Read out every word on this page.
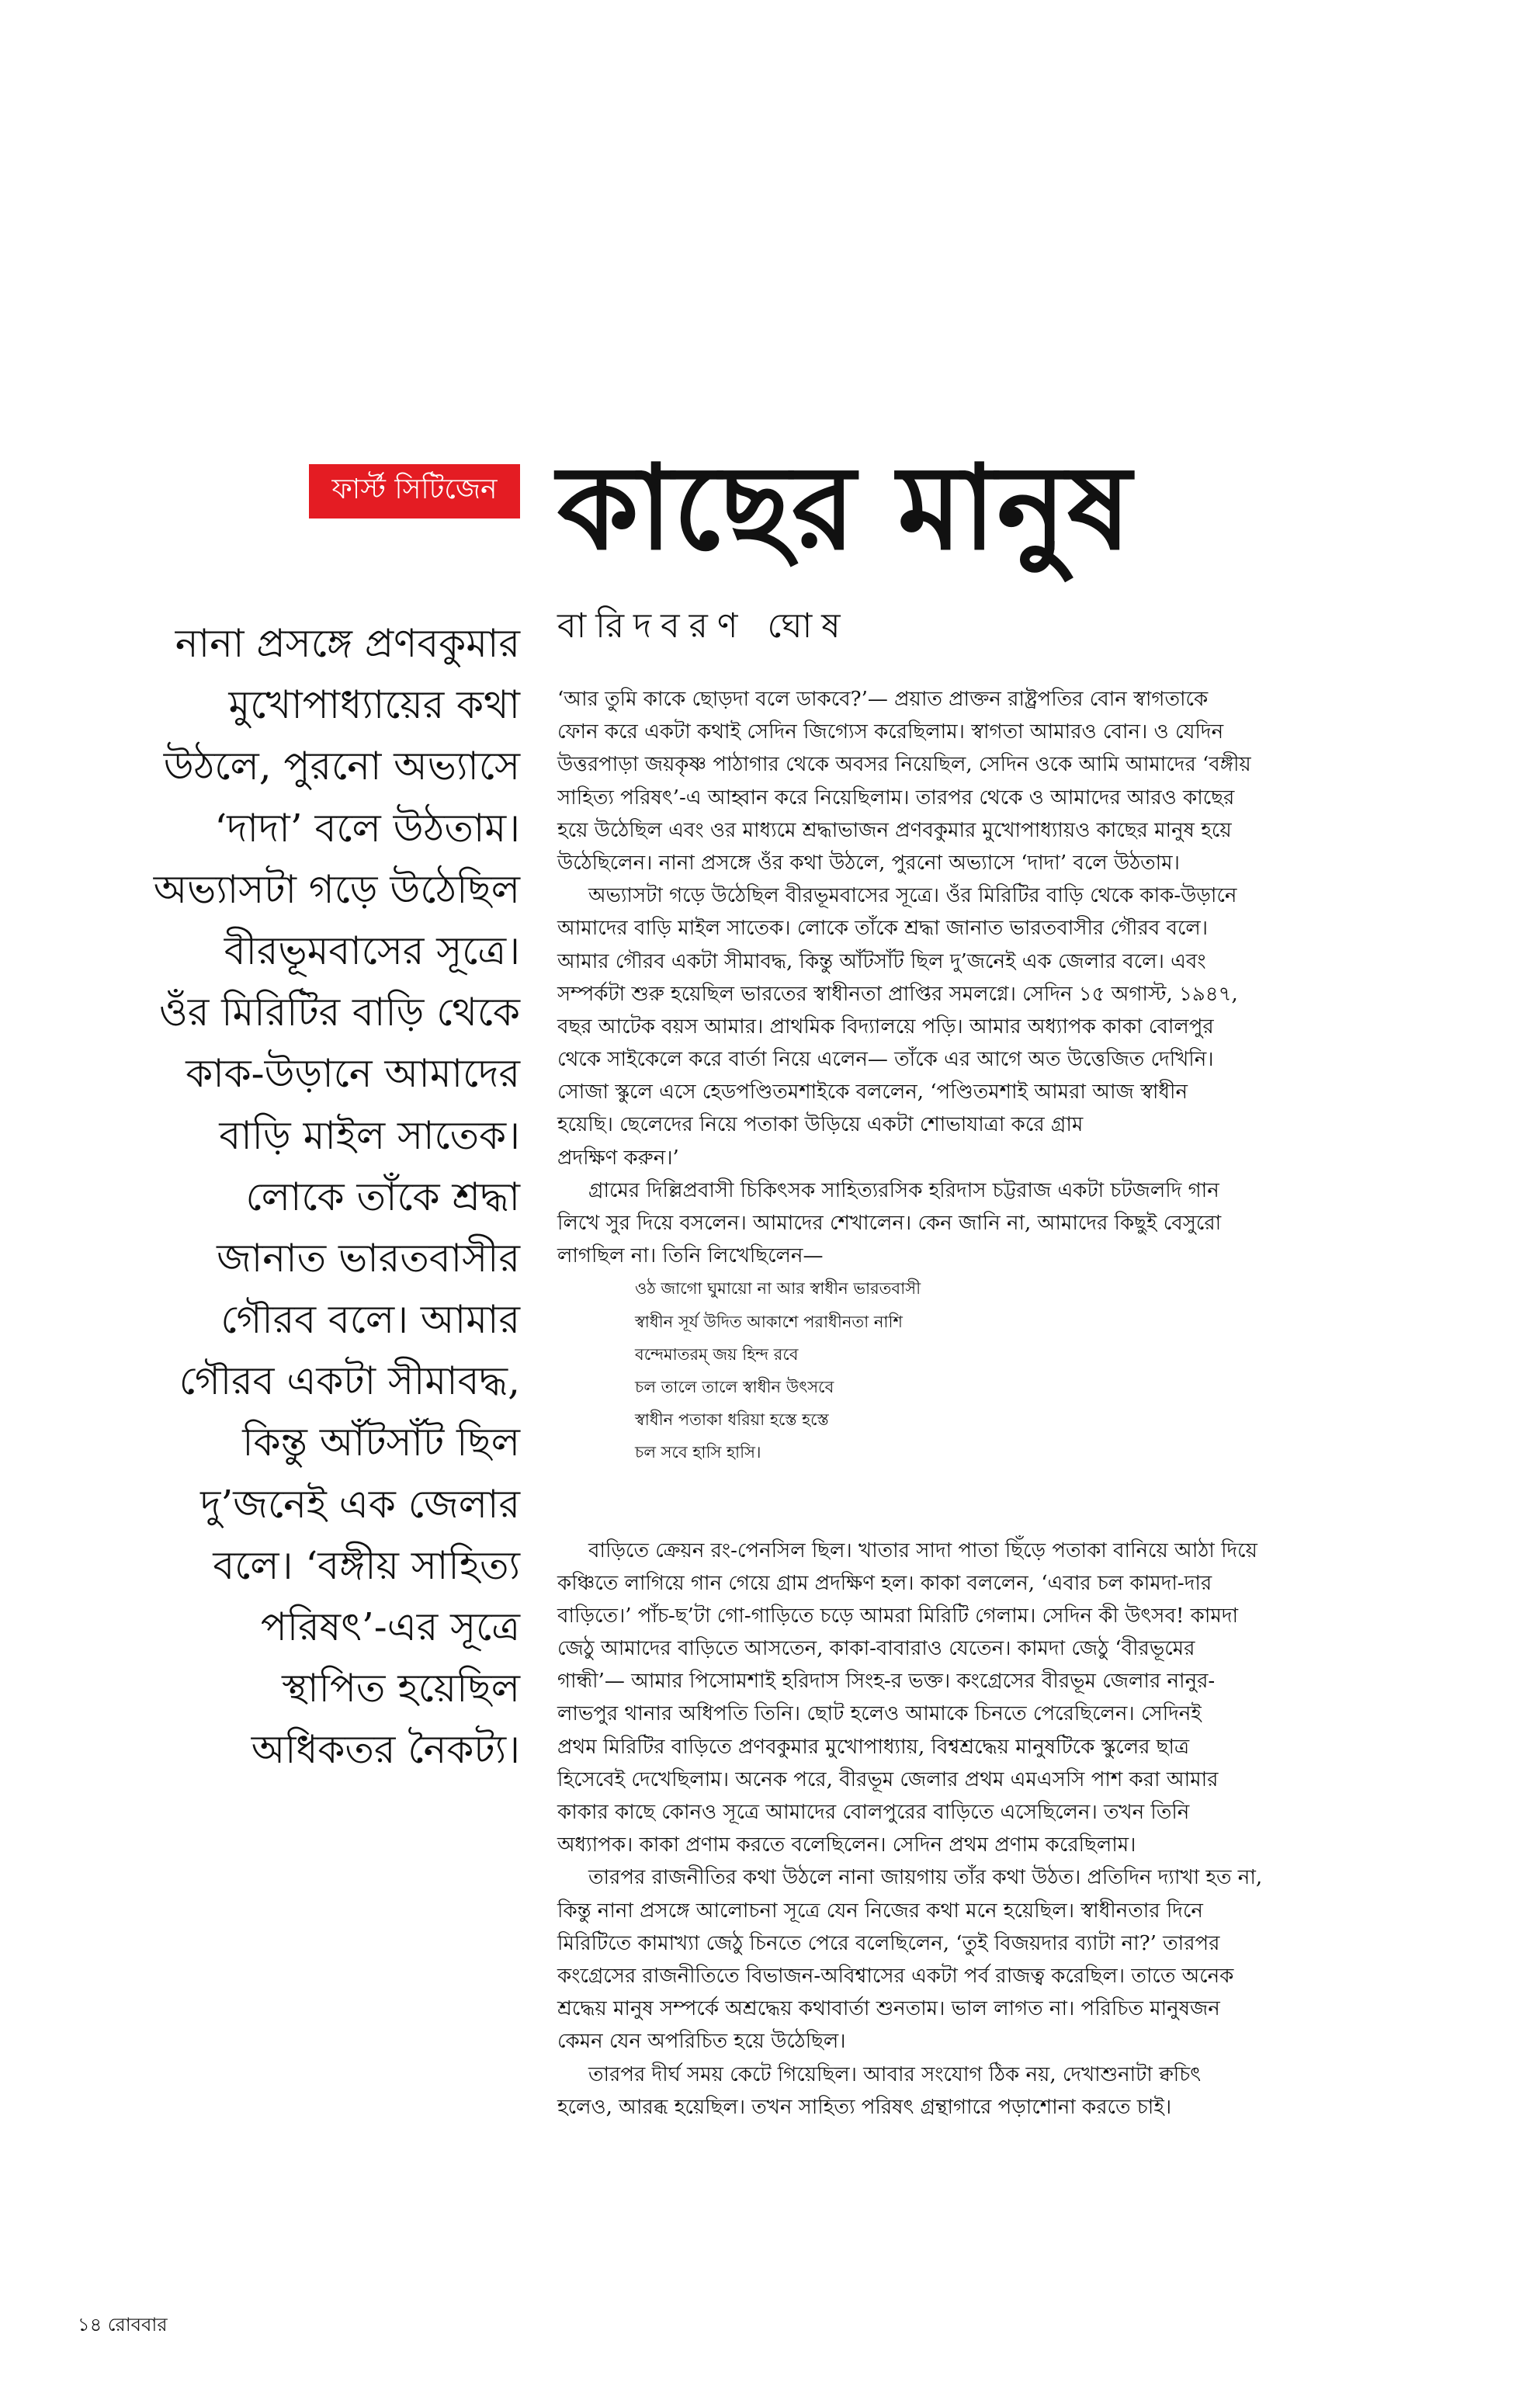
ফার্স্ট সিটিজেন কাছের মানুষ
বারিদবরণ ঘোষ
নানা প্রসঙ্গে প্রণবকুমার
মুখোপাধ্যায়ের কথা
উঠলে, পুরনো অভ্যাসে
‘দাদা’ বলে উঠতাম।
অভ্যাসটা গড়ে উঠেছিল
বীরভূমবাসের সূত্রে।
ওঁর মিরিটির বাড়ি থেকে
কাক-উড়ানে আমাদের
বাড়ি মাইল সাতেক।
লোকে তাঁকে শ্রদ্ধা
জানাত ভারতবাসীর
গৌরব বলে। আমার
গৌরব একটা সীমাবদ্ধ,
কিন্তু আঁটসাঁট ছিল
দু’জনেই এক জেলার
বলে। ‘বঙ্গীয় সাহিত্য
পরিষৎ’-এর সূত্রে
স্থাপিত হয়েছিল
অধিকতর নৈকট্য।
‘আর তুমি কাকে ছোড়দা বলে ডাকবে?’— প্রয়াত প্রাক্তন রাষ্ট্রপতির বোন স্বাগতাকে
ফোন করে একটা কথাই সেদিন জিগ্যেস করেছিলাম। স্বাগতা আমারও বোন। ও যেদিন
উত্তরপাড়া জয়কৃষ্ণ পাঠাগার থেকে অবসর নিয়েছিল, সেদিন ওকে আমি আমাদের ‘বঙ্গীয়
সাহিত্য পরিষৎ’-এ আহ্বান করে নিয়েছিলাম। তারপর থেকে ও আমাদের আরও কাছের
হয়ে উঠেছিল এবং ওর মাধ্যমে শ্রদ্ধাভাজন প্রণবকুমার মুখোপাধ্যায়ও কাছের মানুষ হয়ে
উঠেছিলেন। নানা প্রসঙ্গে ওঁর কথা উঠলে, পুরনো অভ্যাসে ‘দাদা’ বলে উঠতাম।
অভ্যাসটা গড়ে উঠেছিল বীরভূমবাসের সূত্রে। ওঁর মিরিটির বাড়ি থেকে কাক-উড়ানে
আমাদের বাড়ি মাইল সাতেক। লোকে তাঁকে শ্রদ্ধা জানাত ভারতবাসীর গৌরব বলে।
আমার গৌরব একটা সীমাবদ্ধ, কিন্তু আঁটসাঁট ছিল দু’জনেই এক জেলার বলে। এবং
সম্পর্কটা শুরু হয়েছিল ভারতের স্বাধীনতা প্রাপ্তির সমলগ্নে। সেদিন ১৫ অগাস্ট, ১৯৪৭,
বছর আটেক বয়স আমার। প্রাথমিক বিদ্যালয়ে পড়ি। আমার অধ্যাপক কাকা বোলপুর
থেকে সাইকেলে করে বার্তা নিয়ে এলেন— তাঁকে এর আগে অত উত্তেজিত দেখিনি।
সোজা স্কুলে এসে হেডপণ্ডিতমশাইকে বললেন, ‘পণ্ডিতমশাই আমরা আজ স্বাধীন
হয়েছি। ছেলেদের নিয়ে পতাকা উড়িয়ে একটা শোভাযাত্রা করে গ্রাম
প্রদক্ষিণ করুন।’
গ্রামের দিল্লিপ্রবাসী চিকিৎসক সাহিত্যরসিক হরিদাস চট্টরাজ একটা চটজলদি গান
লিখে সুর দিয়ে বসলেন। আমাদের শেখালেন। কেন জানি না, আমাদের কিছুই বেসুরো
লাগছিল না। তিনি লিখেছিলেন—
ওঠ জাগো ঘুমায়ো না আর স্বাধীন ভারতবাসী
স্বাধীন সূর্য উদিত আকাশে পরাধীনতা নাশি
বন্দেমাতরম্‌ জয় হিন্দ রবে
চল তালে তালে স্বাধীন উৎসবে
স্বাধীন পতাকা ধরিয়া হস্তে হস্তে
চল সবে হাসি হাসি।
বাড়িতে ক্রেয়ন রং-পেনসিল ছিল। খাতার সাদা পাতা ছিঁড়ে পতাকা বানিয়ে আঠা দিয়ে
কঞ্চিতে লাগিয়ে গান গেয়ে গ্রাম প্রদক্ষিণ হল। কাকা বললেন, ‘এবার চল কামদা-দার
বাড়িতে।’ পাঁচ-ছ’টা গো-গাড়িতে চড়ে আমরা মিরিটি গেলাম। সেদিন কী উৎসব! কামদা
জেঠু আমাদের বাড়িতে আসতেন, কাকা-বাবারাও যেতেন। কামদা জেঠু ‘বীরভূমের
গান্ধী’— আমার পিসোমশাই হরিদাস সিংহ-র ভক্ত। কংগ্রেসের বীরভূম জেলার নানুর-
লাভপুর থানার অধিপতি তিনি। ছোট হলেও আমাকে চিনতে পেরেছিলেন। সেদিনই
প্রথম মিরিটির বাড়িতে প্রণবকুমার মুখোপাধ্যায়, বিশ্বশ্রদ্ধেয় মানুষটিকে স্কুলের ছাত্র
হিসেবেই দেখেছিলাম। অনেক পরে, বীরভূম জেলার প্রথম এমএসসি পাশ করা আমার
কাকার কাছে কোনও সূত্রে আমাদের বোলপুরের বাড়িতে এসেছিলেন। তখন তিনি
অধ্যাপক। কাকা প্রণাম করতে বলেছিলেন। সেদিন প্রথম প্রণাম করেছিলাম।
তারপর রাজনীতির কথা উঠলে নানা জায়গায় তাঁর কথা উঠত। প্রতিদিন দ্যাখা হত না,
কিন্তু নানা প্রসঙ্গে আলোচনা সূত্রে যেন নিজের কথা মনে হয়েছিল। স্বাধীনতার দিনে
মিরিটিতে কামাখ্যা জেঠু চিনতে পেরে বলেছিলেন, ‘তুই বিজয়দার ব্যাটা না?’ তারপর
কংগ্রেসের রাজনীতিতে বিভাজন-অবিশ্বাসের একটা পর্ব রাজত্ব করেছিল। তাতে অনেক
শ্রদ্ধেয় মানুষ সম্পর্কে অশ্রদ্ধেয় কথাবার্তা শুনতাম। ভাল লাগত না। পরিচিত মানুষজন
কেমন যেন অপরিচিত হয়ে উঠেছিল।
তারপর দীর্ঘ সময় কেটে গিয়েছিল। আবার সংযোগ ঠিক নয়, দেখাশুনাটা ক্বচিৎ
হলেও, আরব্ধ হয়েছিল। তখন সাহিত্য পরিষৎ গ্রন্থাগারে পড়াশোনা করতে চাই।
১৪ রোববার
